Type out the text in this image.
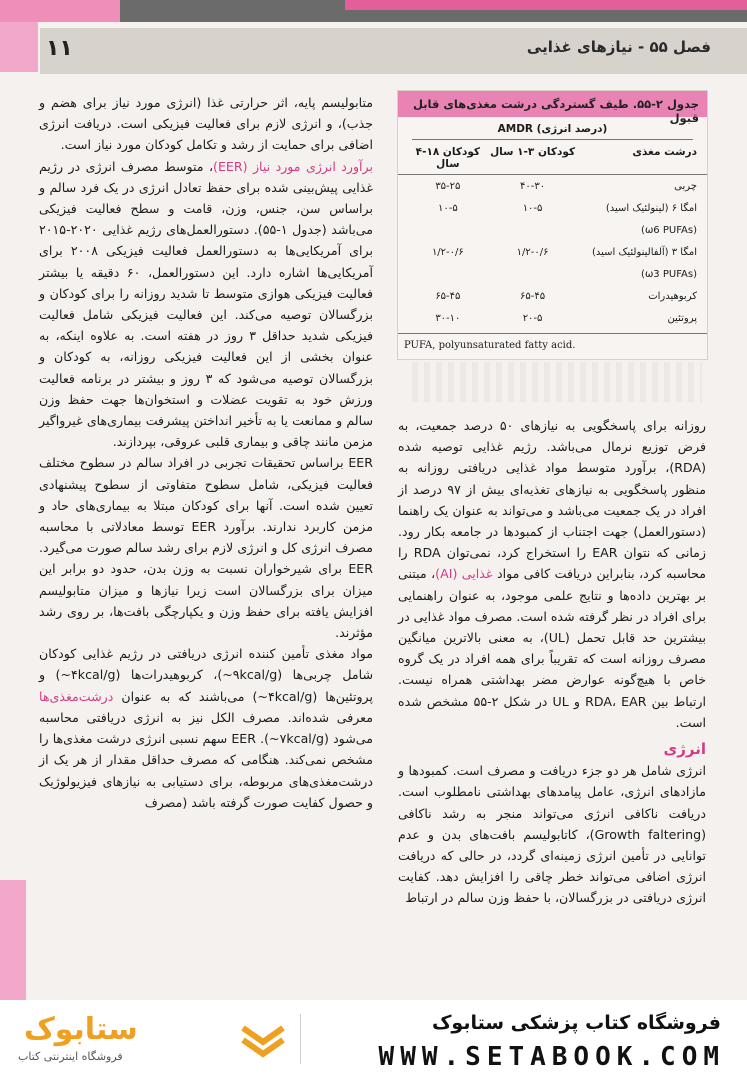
۱۱	فصل ۵۵ - نیازهای غذایی
جدول ۲-۵۵. طیف گستردگی درشت مغذی‌های قابل قبول
AMDR (درصد انرژی)
درشت مغذی
کودکان ۳-۱ سال
کودکان ۱۸-۴ سال
چربی
۴۰-۳۰
۳۵-۲۵
امگا ۶ (لینولئیک اسید)
۱۰-۵
۱۰-۵
(ω6 PUFAs)
امگا ۳ (آلفالینولئیک اسید)
۱/۲-۰/۶
۱/۲-۰/۶
(ω3 PUFAs)
کربوهیدرات
۶۵-۴۵
۶۵-۴۵
پروتئین
۲۰-۵
۳۰-۱۰
PUFA, polyunsaturated fatty acid.

متابولیسم پایه، اثر حرارتی غذا (انرژی مورد نیاز برای هضم و جذب)، و انرژی لازم برای فعالیت فیزیکی است. دریافت انرژی اضافی برای حمایت از رشد و تکامل کودکان مورد نیاز است.

برآورد انرژی مورد نیاز (EER)، متوسط مصرف انرژی در رژیم غذایی پیش‌بینی شده برای حفظ تعادل انرژی در یک فرد سالم و براساس سن، جنس، وزن، قامت و سطح فعالیت فیزیکی می‌باشد (جدول ۱-۵۵). دستورالعمل‌های رژیم غذایی ۲۰۲۰-۲۰۱۵ برای آمریکایی‌ها به دستورالعمل فعالیت فیزیکی ۲۰۰۸ برای آمریکایی‌ها اشاره دارد. این دستورالعمل، ۶۰ دقیقه یا بیشتر فعالیت فیزیکی هوازی متوسط تا شدید روزانه را برای کودکان و بزرگسالان توصیه می‌کند. این فعالیت فیزیکی شامل فعالیت فیزیکی شدید حداقل ۳ روز در هفته است. به علاوه اینکه، به عنوان بخشی از این فعالیت فیزیکی روزانه، به کودکان و بزرگسالان توصیه می‌شود که ۳ روز و بیشتر در برنامه فعالیت ورزش خود به تقویت عضلات و استخوان‌ها جهت حفظ وزن سالم و ممانعت یا به تأخیر انداختن پیشرفت بیماری‌های غیرواگیر مزمن مانند چاقی و بیماری قلبی عروقی، بپردازند.

EER براساس تحقیقات تجربی در افراد سالم در سطوح مختلف فعالیت فیزیکی، شامل سطوح متفاوتی از سطوح پیشنهادی تعیین شده است. آنها برای کودکان مبتلا به بیماری‌های حاد و مزمن کاربرد ندارند. برآورد EER توسط معادلاتی با محاسبه مصرف انرژی کل و انرژی لازم برای رشد سالم صورت می‌گیرد. EER برای شیرخواران نسبت به وزن بدن، حدود دو برابر این میزان برای بزرگسالان است زیرا نیازها و میزان متابولیسم افزایش یافته برای حفظ وزن و یکپارچگی بافت‌ها، بر روی رشد مؤثرند.

مواد مغذی تأمین کننده انرژی دریافتی در رژیم غذایی کودکان شامل چربی‌ها (۹kcal/g~)، کربوهیدرات‌ها (۴kcal/g~) و پروتئین‌ها (۴kcal/g~) می‌باشند که به عنوان درشت‌مغذی‌ها معرفی شده‌اند. مصرف الکل نیز به انرژی دریافتی محاسبه می‌شود (۷kcal/g~). EER سهم نسبی انرژی درشت مغذی‌ها را مشخص نمی‌کند. هنگامی که مصرف حداقل مقدار از هر یک از درشت‌مغذی‌های مربوطه، برای دستیابی به نیازهای فیزیولوژیک و حصول کفایت صورت گرفته باشد (مصرف

روزانه برای پاسخگویی به نیازهای ۵۰ درصد جمعیت، به فرض توزیع نرمال می‌باشد. رژیم غذایی توصیه شده (RDA)، برآورد متوسط مواد غذایی دریافتی روزانه به منظور پاسخگویی به نیازهای تغذیه‌ای بیش از ۹۷ درصد از افراد در یک جمعیت می‌باشد و می‌تواند به عنوان یک راهنما (دستورالعمل) جهت اجتناب از کمبودها در جامعه بکار رود. زمانی که نتوان EAR را استخراج کرد، نمی‌توان RDA را محاسبه کرد، بنابراین دریافت کافی مواد غذایی (AI)، مبتنی بر بهترین داده‌ها و نتایج علمی موجود، به عنوان راهنمایی برای افراد در نظر گرفته شده است. مصرف مواد غذایی در بیشترین حد قابل تحمل (UL)، به معنی بالاترین میانگین مصرف روزانه است که تقریباً برای همه افراد در یک گروه خاص با هیچ‌گونه عوارض مضر بهداشتی همراه نیست. ارتباط بین RDA، EAR و UL در شکل ۲-۵۵ مشخص شده است.

انرژی

انرژی شامل هر دو جزء دریافت و مصرف است. کمبودها و مازادهای انرژی، عامل پیامدهای بهداشتی نامطلوب است. دریافت ناکافی انرژی می‌تواند منجر به رشد ناکافی (Growth faltering)، کاتابولیسم بافت‌های بدن و عدم توانایی در تأمین انرژی زمینه‌ای گردد، در حالی که دریافت انرژی اضافی می‌تواند خطر چاقی را افزایش دهد. کفایت انرژی دریافتی در بزرگسالان، با حفظ وزن سالم در ارتباط

فروشگاه کتاب پزشکی ستابوک
WWW.SETABOOK.COM
ستابوک
فروشگاه اینترنتی کتاب
